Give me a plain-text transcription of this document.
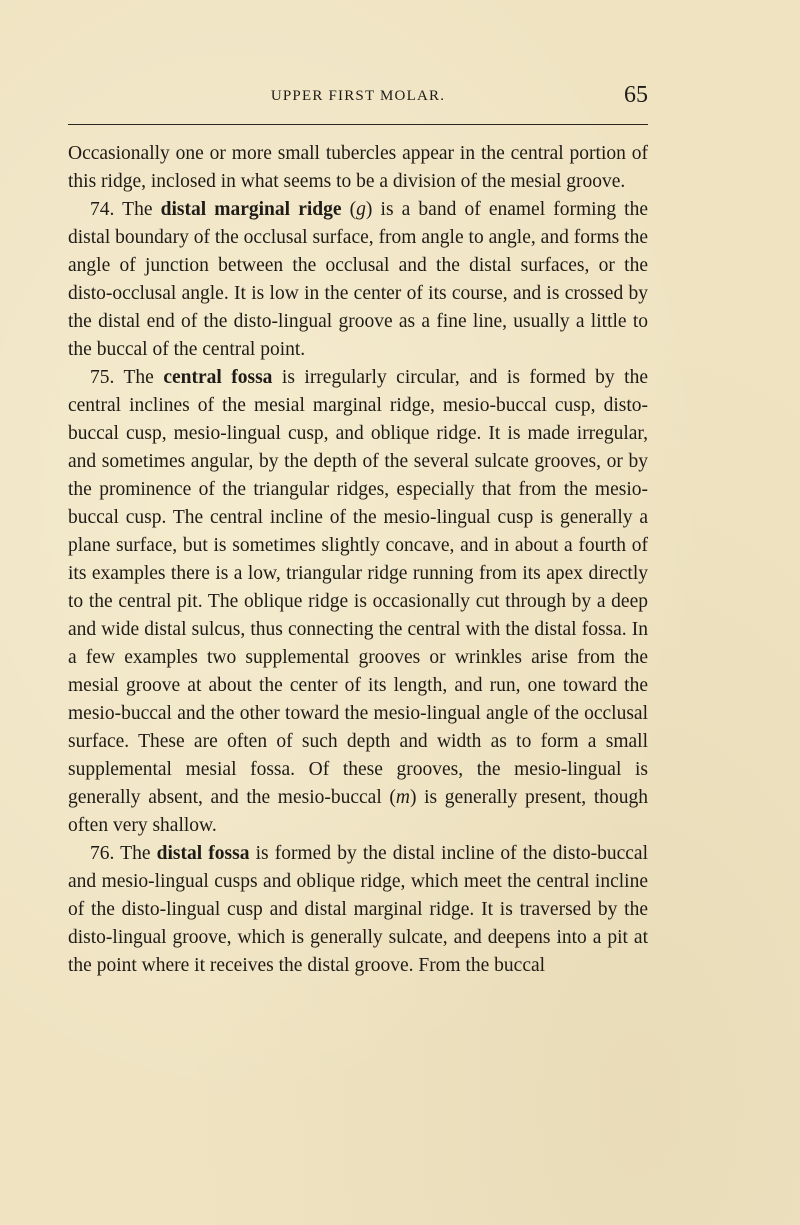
UPPER FIRST MOLAR.	65

Occasionally one or more small tubercles appear in the central portion of this ridge, inclosed in what seems to be a division of the mesial groove.

74. The distal marginal ridge (g) is a band of enamel forming the distal boundary of the occlusal surface, from angle to angle, and forms the angle of junction between the occlusal and the distal surfaces, or the disto-occlusal angle. It is low in the center of its course, and is crossed by the distal end of the disto-lingual groove as a fine line, usually a little to the buccal of the central point.

75. The central fossa is irregularly circular, and is formed by the central inclines of the mesial marginal ridge, mesio-buccal cusp, disto-buccal cusp, mesio-lingual cusp, and oblique ridge. It is made irregular, and sometimes angular, by the depth of the several sulcate grooves, or by the prominence of the triangular ridges, especially that from the mesio-buccal cusp. The central incline of the mesio-lingual cusp is generally a plane surface, but is sometimes slightly concave, and in about a fourth of its examples there is a low, triangular ridge running from its apex directly to the central pit. The oblique ridge is occasionally cut through by a deep and wide distal sulcus, thus connecting the central with the distal fossa. In a few examples two supplemental grooves or wrinkles arise from the mesial groove at about the center of its length, and run, one toward the mesio-buccal and the other toward the mesio-lingual angle of the occlusal surface. These are often of such depth and width as to form a small supplemental mesial fossa. Of these grooves, the mesio-lingual is generally absent, and the mesio-buccal (m) is generally present, though often very shallow.

76. The distal fossa is formed by the distal incline of the disto-buccal and mesio-lingual cusps and oblique ridge, which meet the central incline of the disto-lingual cusp and distal marginal ridge. It is traversed by the disto-lingual groove, which is generally sulcate, and deepens into a pit at the point where it receives the distal groove. From the buccal
